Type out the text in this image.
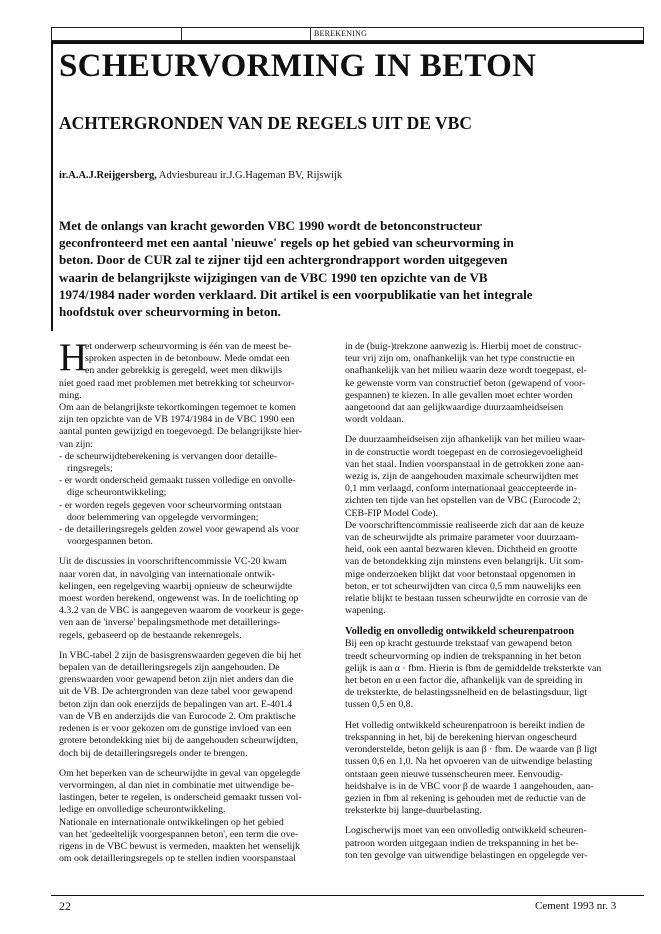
BEREKENING
SCHEURVORMING IN BETON
ACHTERGRONDEN VAN DE REGELS UIT DE VBC
ir.A.A.J.Reijgersberg, Adviesbureau ir.J.G.Hageman BV, Rijswijk
Met de onlangs van kracht geworden VBC 1990 wordt de betonconstructeur
geconfronteerd met een aantal 'nieuwe' regels op het gebied van scheurvorming in
beton. Door de CUR zal te zijner tijd een achtergrondrapport worden uitgegeven
waarin de belangrijkste wijzigingen van de VBC 1990 ten opzichte van de VB
1974/1984 nader worden verklaard. Dit artikel is een voorpublikatie van het integrale
hoofdstuk over scheurvorming in beton.
H
et onderwerp scheurvorming is één van de meest be-
sproken aspecten in de betonbouw. Mede omdat een
en ander gebrekkig is geregeld, weet men dikwijls
niet goed raad met problemen met betrekking tot scheurvor-
ming.
Om aan de belangrijkste tekortkomingen tegemoet te komen
zijn ten opzichte van de VB 1974/1984 in de VBC 1990 een
aantal punten gewijzigd en toegevoegd. De belangrijkste hier-
van zijn:
- de scheurwijdteberekening is vervangen door detaille-
ringsregels;
- er wordt onderscheid gemaakt tussen volledige en onvolle-
dige scheurontwikkeling;
- er worden regels gegeven voor scheurvorming ontstaan
door belemmering van opgelegde vervormingen;
- de detailleringsregels gelden zowel voor gewapend als voor
voorgespannen beton.
Uit de discussies in voorschriftencommissie VC-20 kwam
naar voren dat, in navolging van internationale ontwik-
kelingen, een regelgeving waarbij opnieuw de scheurwijdte
moest worden berekend, ongewenst was. In de toelichting op
4.3.2 van de VBC is aangegeven waarom de voorkeur is gege-
ven aan de 'inverse' bepalingsmethode met detaillerings-
regels, gebaseerd op de bestaande rekenregels.
In VBC-tabel 2 zijn de basisgrenswaarden gegeven die bij het
bepalen van de detailleringsregels zijn aangehouden. De
grenswaarden voor gewapend beton zijn niet anders dan die
uit de VB. De achtergronden van deze tabel voor gewapend
beton zijn dan ook enerzijds de bepalingen van art. E-401.4
van de VB en anderzijds die van Eurocode 2. Om praktische
redenen is er voor gekozen om de gunstige invloed van een
grotere betondekking niet bij de aangehouden scheurwijdten,
doch bij de detailleringsregels onder te brengen.
Om het beperken van de scheurwijdte in geval van opgelegde
vervormingen, al dan niet in combinatie met uitwendige be-
lastingen, beter te regelen, is onderscheid gemaakt tussen vol-
ledige en onvolledige scheurontwikkeling.
Nationale en internationale ontwikkelingen op het gebied
van het 'gedeeltelijk voorgespannen beton', een term die ove-
rigens in de VBC bewust is vermeden, maakten het wenselijk
om ook detailleringsregels op te stellen indien voorspanstaal
in de (buig-)trekzone aanwezig is. Hierbij moet de construc-
teur vrij zijn om, onafhankelijk van het type constructie en
onafhankelijk van het milieu waarin deze wordt toegepast, el-
ke gewenste vorm van constructief beton (gewapend of voor-
gespannen) te kiezen. In alle gevallen moet echter worden
aangetoond dat aan gelijkwaardige duurzaamheidseisen
wordt voldaan.
De duurzaamheidseisen zijn afhankelijk van het milieu waar-
in de constructie wordt toegepast en de corrosiegevoeligheid
van het staal. Indien voorspanstaal in de getrokken zone aan-
wezig is, zijn de aangehouden maximale scheurwijdten met
0,1 mm verlaagd, conform internationaal geaccepteerde in-
zichten ten tijde van het opstellen van de VBC (Eurocode 2;
CEB-FIP Model Code).
De voorschriftencommissie realiseerde zich dat aan de keuze
van de scheurwijdte als primaire parameter voor duurzaam-
heid, ook een aantal bezwaren kleven. Dichtheid en grootte
van de betondekking zijn minstens even belangrijk. Uit som-
mige onderzoeken blijkt dat voor betonstaal opgenomen in
beton, er tot scheurwijdten van circa 0,5 mm nauwelijks een
relatie blijkt te bestaan tussen scheurwijdte en corrosie van de
wapening.
Volledig en onvolledig ontwikkeld scheurenpatroon
Bij een op kracht gestuurde trekstaaf van gewapend beton
treedt scheurvorming op indien de trekspanning in het beton
gelijk is aan α · fbm. Hierin is fbm de gemiddelde treksterkte van
het beton en α een factor die, afhankelijk van de spreiding in
de treksterkte, de belastingssnelheid en de belastingsduur, ligt
tussen 0,5 en 0,8.
Het volledig ontwikkeld scheurenpatroon is bereikt indien de
trekspanning in het, bij de berekening hiervan ongescheurd
veronderstelde, beton gelijk is aan β · fbm. De waarde van β ligt
tussen 0,6 en 1,0. Na het opvoeren van de uitwendige belasting
ontstaan geen nieuwe tussenscheuren meer. Eenvoudig-
heidshalve is in de VBC voor β de waarde 1 aangehouden, aan-
gezien in fbm al rekening is gehouden met de reductie van de
treksterkte bij lange-duurbelasting.
Logischerwijs moet van een onvolledig ontwikkeld scheuren-
patroon worden uitgegaan indien de trekspanning in het be-
ton ten gevolge van uitwendige belastingen en opgelegde ver-
22	Cement 1993 nr. 3
